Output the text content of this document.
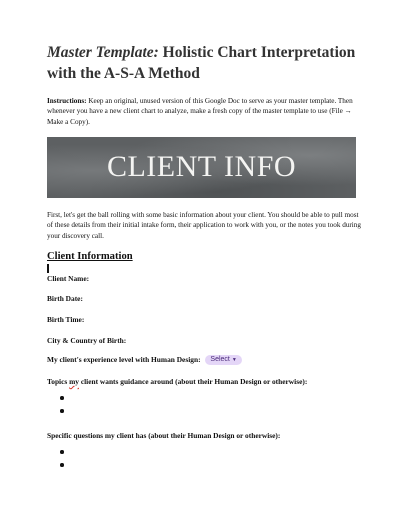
Master Template: Holistic Chart Interpretation with the A-S-A Method
Instructions: Keep an original, unused version of this Google Doc to serve as your master template. Then whenever you have a new client chart to analyze, make a fresh copy of the master template to use (File → Make a Copy).
CLIENT INFO
First, let's get the ball rolling with some basic information about your client. You should be able to pull most of these details from their initial intake form, their application to work with you, or the notes you took during your discovery call.
Client Information
Client Name:
Birth Date:
Birth Time:
City & Country of Birth:
My client's experience level with Human Design: Select ▼
Topics my client wants guidance around (about their Human Design or otherwise):
Specific questions my client has (about their Human Design or otherwise):
